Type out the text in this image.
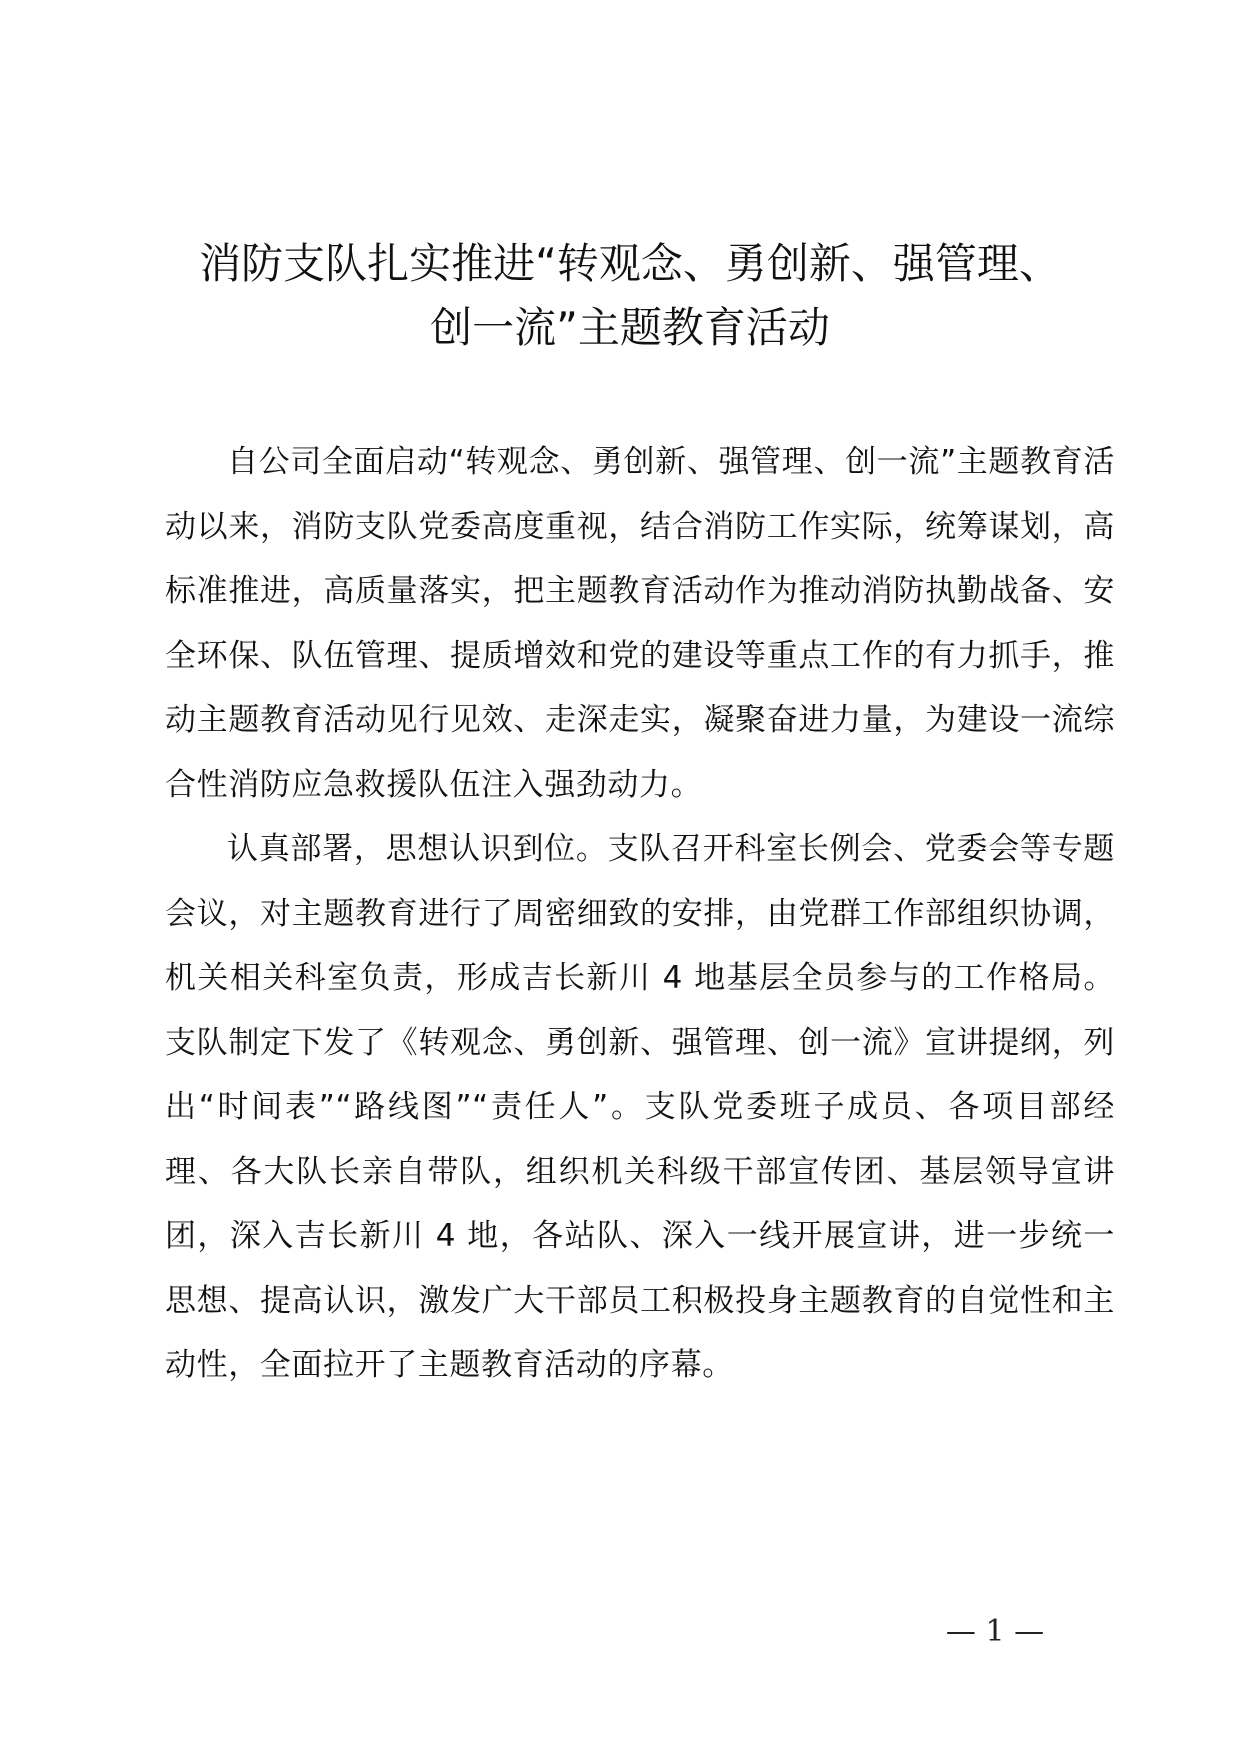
消防支队扎实推进“转观念、勇创新、强管理、
创一流”主题教育活动

自公司全面启动“转观念、勇创新、强管理、创一流”主题教育活动以来，消防支队党委高度重视，结合消防工作实际，统筹谋划，高标准推进，高质量落实，把主题教育活动作为推动消防执勤战备、安全环保、队伍管理、提质增效和党的建设等重点工作的有力抓手，推动主题教育活动见行见效、走深走实，凝聚奋进力量，为建设一流综合性消防应急救援队伍注入强劲动力。

认真部署，思想认识到位。支队召开科室长例会、党委会等专题会议，对主题教育进行了周密细致的安排，由党群工作部组织协调，机关相关科室负责，形成吉长新川 4 地基层全员参与的工作格局。支队制定下发了《转观念、勇创新、强管理、创一流》宣讲提纲，列出“时间表”“路线图”“责任人”。支队党委班子成员、各项目部经理、各大队长亲自带队，组织机关科级干部宣传团、基层领导宣讲团，深入吉长新川 4 地，各站队、深入一线开展宣讲，进一步统一思想、提高认识，激发广大干部员工积极投身主题教育的自觉性和主动性，全面拉开了主题教育活动的序幕。

— 1 —
